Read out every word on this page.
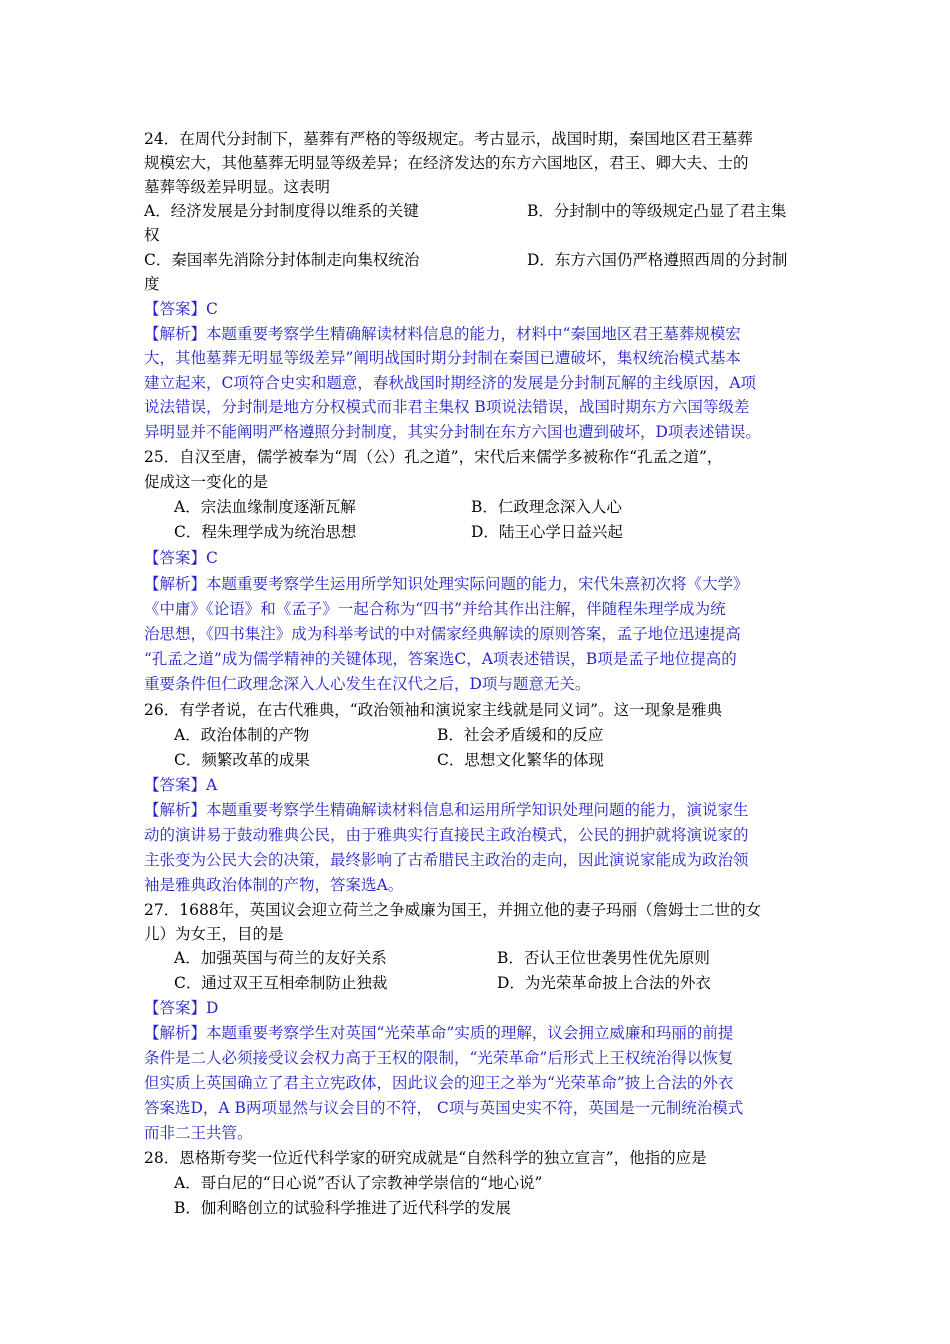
24．在周代分封制下，墓葬有严格的等级规定。考古显示，战国时期，秦国地区君王墓葬
规模宏大，其他墓葬无明显等级差异；在经济发达的东方六国地区，君王、卿大夫、士的
墓葬等级差异明显。这表明
A．经济发展是分封制度得以维系的关键	B．分封制中的等级规定凸显了君主集
权
C．秦国率先消除分封体制走向集权统治	D．东方六国仍严格遵照西周的分封制
度
【答案】C
【解析】本题重要考察学生精确解读材料信息的能力，材料中“秦国地区君王墓葬规模宏
大，其他墓葬无明显等级差异”阐明战国时期分封制在秦国已遭破坏，集权统治模式基本
建立起来，C项符合史实和题意，春秋战国时期经济的发展是分封制瓦解的主线原因，A项
说法错误，分封制是地方分权模式而非君主集权 B项说法错误，战国时期东方六国等级差
异明显并不能阐明严格遵照分封制度，其实分封制在东方六国也遭到破坏，D项表述错误。
25．自汉至唐，儒学被奉为“周（公）孔之道”，宋代后来儒学多被称作“孔孟之道”，
促成这一变化的是
A．宗法血缘制度逐渐瓦解	B．仁政理念深入人心
C．程朱理学成为统治思想	D．陆王心学日益兴起
【答案】C
【解析】本题重要考察学生运用所学知识处理实际问题的能力，宋代朱熹初次将《大学》
《中庸》《论语》和《孟子》一起合称为“四书”并给其作出注解，伴随程朱理学成为统
治思想，《四书集注》成为科举考试的中对儒家经典解读的原则答案，孟子地位迅速提高
“孔孟之道”成为儒学精神的关键体现，答案选C，A项表述错误，B项是孟子地位提高的
重要条件但仁政理念深入人心发生在汉代之后，D项与题意无关。
26．有学者说，在古代雅典，“政治领袖和演说家主线就是同义词”。这一现象是雅典
A．政治体制的产物	B．社会矛盾缓和的反应
C．频繁改革的成果	C．思想文化繁华的体现
【答案】A
【解析】本题重要考察学生精确解读材料信息和运用所学知识处理问题的能力，演说家生
动的演讲易于鼓动雅典公民，由于雅典实行直接民主政治模式，公民的拥护就将演说家的
主张变为公民大会的决策，最终影响了古希腊民主政治的走向，因此演说家能成为政治领
袖是雅典政治体制的产物，答案选A。
27．1688年，英国议会迎立荷兰之争威廉为国王，并拥立他的妻子玛丽（詹姆士二世的女
儿）为女王，目的是
A．加强英国与荷兰的友好关系	B．否认王位世袭男性优先原则
C．通过双王互相牵制防止独裁	D．为光荣革命披上合法的外衣
【答案】D
【解析】本题重要考察学生对英国“光荣革命”实质的理解，议会拥立威廉和玛丽的前提
条件是二人必须接受议会权力高于王权的限制，“光荣革命”后形式上王权统治得以恢复
但实质上英国确立了君主立宪政体，因此议会的迎王之举为“光荣革命”披上合法的外衣
答案选D，A B两项显然与议会目的不符， C项与英国史实不符，英国是一元制统治模式
而非二王共管。
28．恩格斯夸奖一位近代科学家的研究成就是“自然科学的独立宣言”，他指的应是
A．哥白尼的“日心说”否认了宗教神学崇信的“地心说”
B．伽利略创立的试验科学推进了近代科学的发展
